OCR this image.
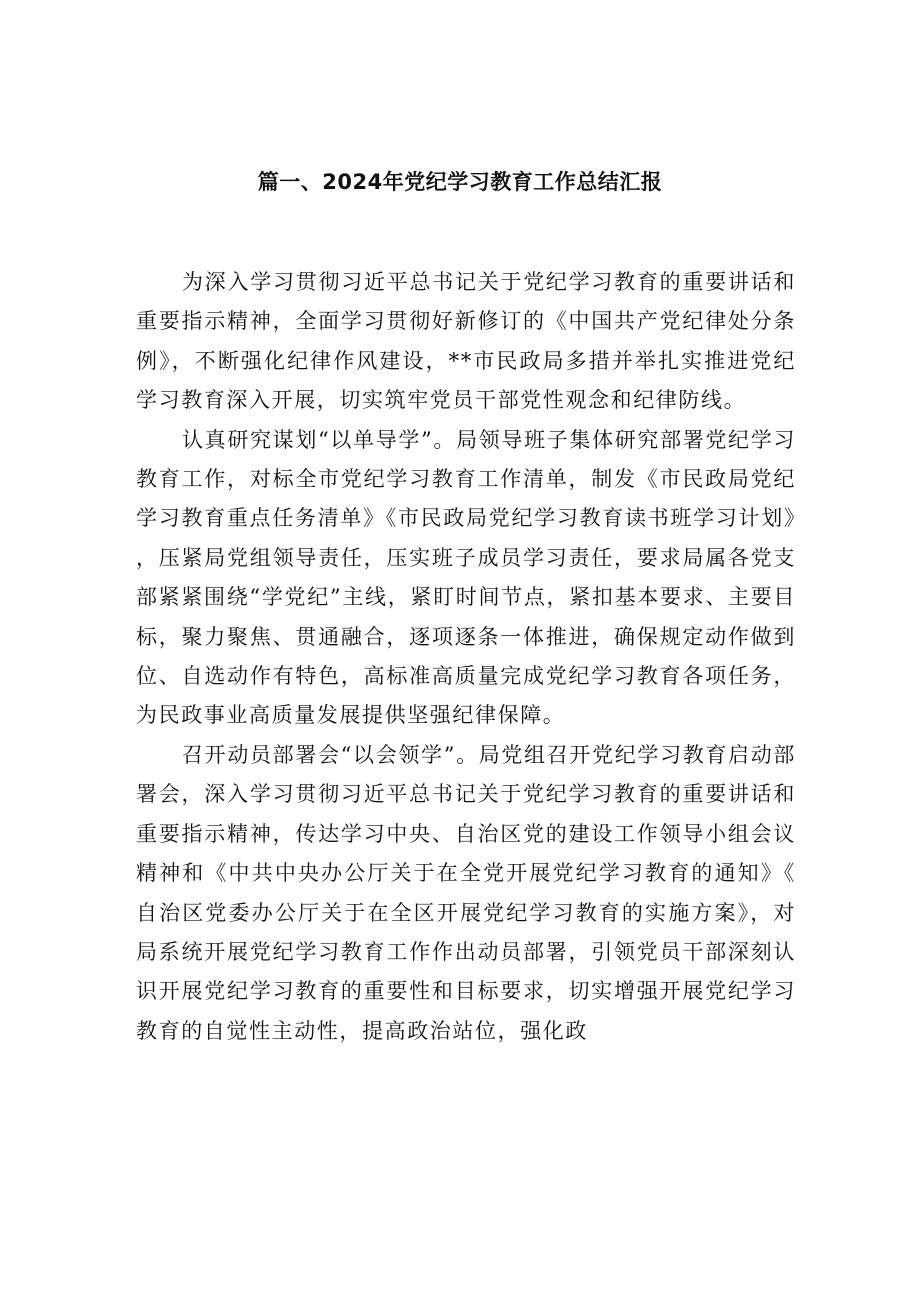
篇一、2024年党纪学习教育工作总结汇报

为深入学习贯彻习近平总书记关于党纪学习教育的重要讲话和重要指示精神，全面学习贯彻好新修订的《中国共产党纪律处分条例》，不断强化纪律作风建设，**市民政局多措并举扎实推进党纪学习教育深入开展，切实筑牢党员干部党性观念和纪律防线。

认真研究谋划“以单导学”。局领导班子集体研究部署党纪学习教育工作，对标全市党纪学习教育工作清单，制发《市民政局党纪学习教育重点任务清单》《市民政局党纪学习教育读书班学习计划》，压紧局党组领导责任，压实班子成员学习责任，要求局属各党支部紧紧围绕“学党纪”主线，紧盯时间节点，紧扣基本要求、主要目标，聚力聚焦、贯通融合，逐项逐条一体推进，确保规定动作做到位、自选动作有特色，高标准高质量完成党纪学习教育各项任务，为民政事业高质量发展提供坚强纪律保障。

召开动员部署会“以会领学”。局党组召开党纪学习教育启动部署会，深入学习贯彻习近平总书记关于党纪学习教育的重要讲话和重要指示精神，传达学习中央、自治区党的建设工作领导小组会议精神和《中共中央办公厅关于在全党开展党纪学习教育的通知》《自治区党委办公厅关于在全区开展党纪学习教育的实施方案》，对局系统开展党纪学习教育工作作出动员部署，引领党员干部深刻认识开展党纪学习教育的重要性和目标要求，切实增强开展党纪学习教育的自觉性主动性，提高政治站位，强化政
